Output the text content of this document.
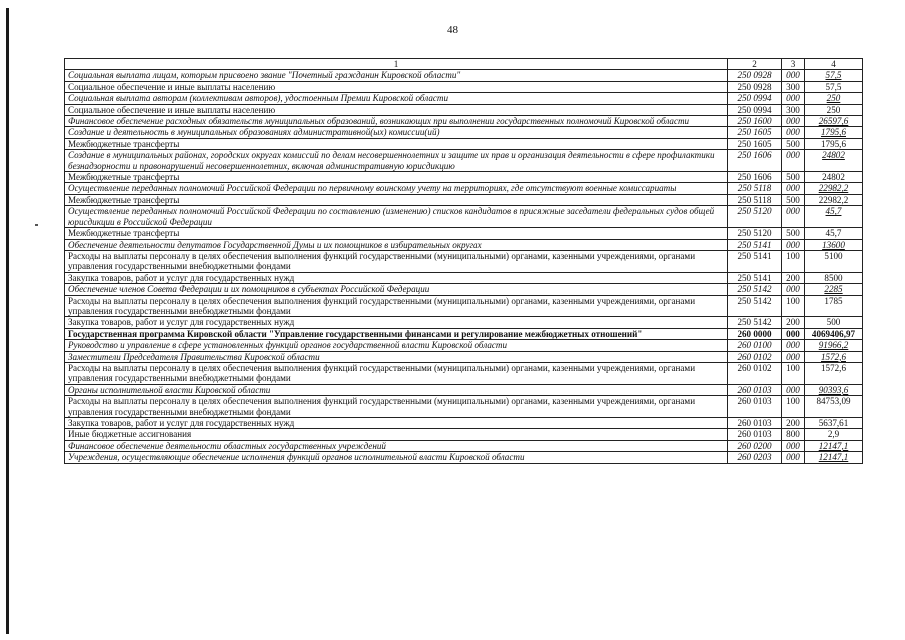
48
1	2	3	4
Социальная выплата лицам, которым присвоено звание "Почетный гражданин Кировской области"	250 0928	000	57,5
Социальное обеспечение и иные выплаты населению	250 0928	300	57,5
Социальная выплата авторам (коллективам авторов), удостоенным Премии Кировской области	250 0994	000	250
Социальное обеспечение и иные выплаты населению	250 0994	300	250
Финансовое обеспечение расходных обязательств муниципальных образований, возникающих при выполнении государственных полномочий Кировской области	250 1600	000	26597,6
Создание и деятельность в муниципальных образованиях административной(ых) комиссии(ий)	250 1605	000	1795,6
Межбюджетные трансферты	250 1605	500	1795,6
Создание в муниципальных районах, городских округах комиссий по делам несовершеннолетних и защите их прав и организация деятельности в сфере профилактики безнадзорности и правонарушений несовершеннолетних, включая административную юрисдикцию	250 1606	000	24802
Межбюджетные трансферты	250 1606	500	24802
Осуществление переданных полномочий Российской Федерации по первичному воинскому учету на территориях, где отсутствуют военные комиссариаты	250 5118	000	22982,2
Межбюджетные трансферты	250 5118	500	22982,2
Осуществление переданных полномочий Российской Федерации по составлению (изменению) списков кандидатов в присяжные заседатели федеральных судов общей юрисдикции в Российской Федерации	250 5120	000	45,7
Межбюджетные трансферты	250 5120	500	45,7
Обеспечение деятельности депутатов Государственной Думы и их помощников в избирательных округах	250 5141	000	13600
Расходы на выплаты персоналу в целях обеспечения выполнения функций государственными (муниципальными) органами, казенными учреждениями, органами управления государственными внебюджетными фондами	250 5141	100	5100
Закупка товаров, работ и услуг для государственных нужд	250 5141	200	8500
Обеспечение членов Совета Федерации и их помощников в субъектах Российской Федерации	250 5142	000	2285
Расходы на выплаты персоналу в целях обеспечения выполнения функций государственными (муниципальными) органами, казенными учреждениями, органами управления государственными внебюджетными фондами	250 5142	100	1785
Закупка товаров, работ и услуг для государственных нужд	250 5142	200	500
Государственная программа Кировской области "Управление государственными финансами и регулирование межбюджетных отношений"	260 0000	000	4069406,97
Руководство и управление в сфере установленных функций органов государственной власти Кировской области	260 0100	000	91966,2
Заместители Председателя Правительства Кировской области	260 0102	000	1572,6
Расходы на выплаты персоналу в целях обеспечения выполнения функций государственными (муниципальными) органами, казенными учреждениями, органами управления государственными внебюджетными фондами	260 0102	100	1572,6
Органы исполнительной власти Кировской области	260 0103	000	90393,6
Расходы на выплаты персоналу в целях обеспечения выполнения функций государственными (муниципальными) органами, казенными учреждениями, органами управления государственными внебюджетными фондами	260 0103	100	84753,09
Закупка товаров, работ и услуг для государственных нужд	260 0103	200	5637,61
Иные бюджетные ассигнования	260 0103	800	2,9
Финансовое обеспечение деятельности областных государственных учреждений	260 0200	000	12147,1
Учреждения, осуществляющие обеспечение исполнения функций органов исполнительной власти Кировской области	260 0203	000	12147,1
